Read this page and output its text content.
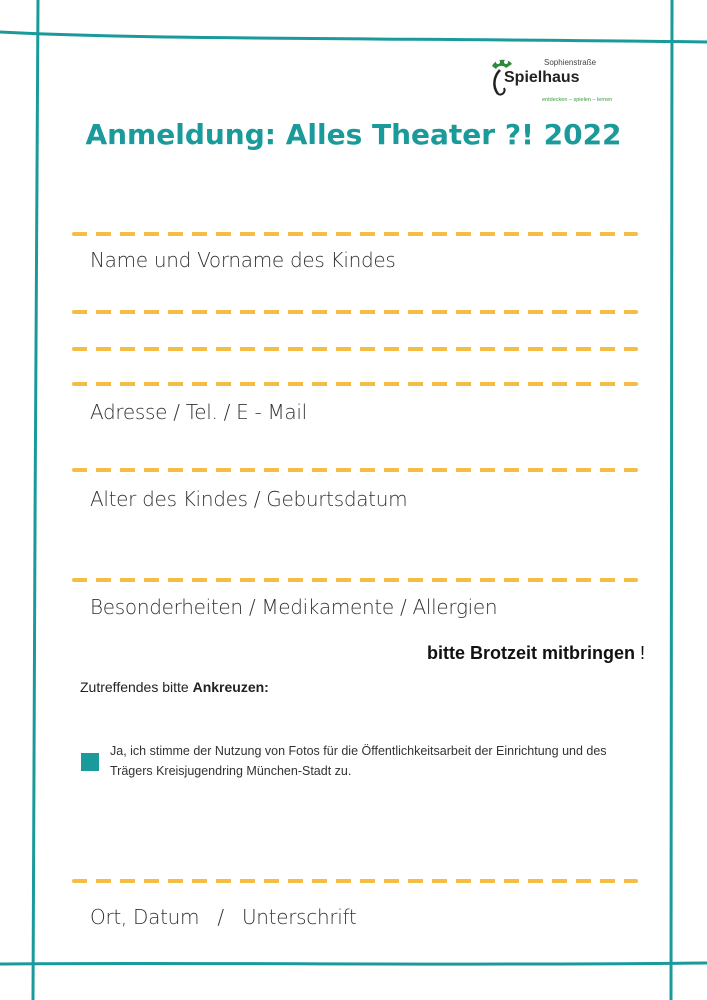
Sophienstraße
Spielhaus
entdecken – spielen – lernen
Anmeldung: Alles Theater ?! 2022
Name und Vorname des Kindes
Adresse / Tel. / E - Mail
Alter des Kindes / Geburtsdatum
Besonderheiten / Medikamente / Allergien
bitte Brotzeit mitbringen !
Zutreffendes bitte Ankreuzen:
Ja, ich stimme der Nutzung von Fotos für die Öffentlichkeitsarbeit der Einrichtung und des Trägers Kreisjugendring München-Stadt zu.
Ort, Datum   /   Unterschrift
